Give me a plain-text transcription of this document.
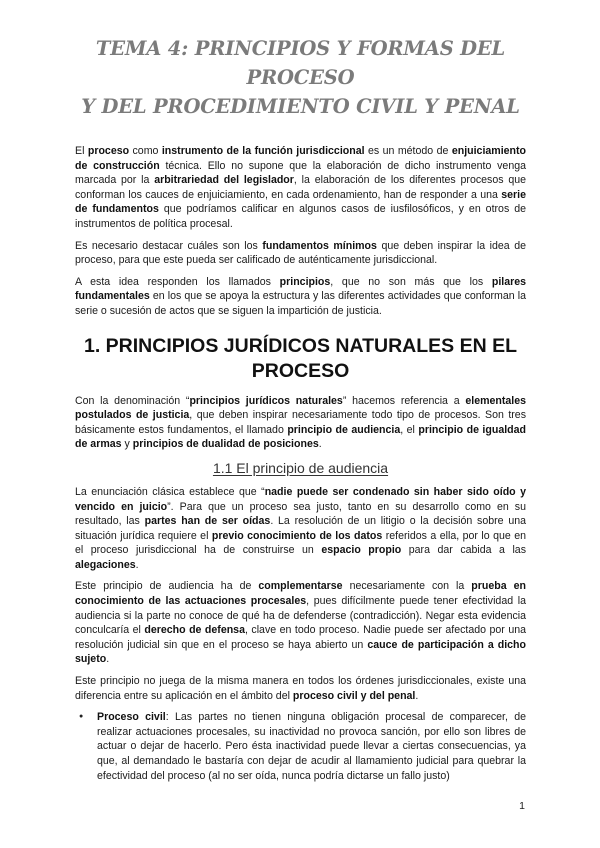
TEMA 4: PRINCIPIOS Y FORMAS DEL PROCESO
Y DEL PROCEDIMIENTO CIVIL Y PENAL

El proceso como instrumento de la función jurisdiccional es un método de enjuiciamiento de construcción técnica. Ello no supone que la elaboración de dicho instrumento venga marcada por la arbitrariedad del legislador, la elaboración de los diferentes procesos que conforman los cauces de enjuiciamiento, en cada ordenamiento, han de responder a una serie de fundamentos que podríamos calificar en algunos casos de iusfilosóficos, y en otros de instrumentos de política procesal.

Es necesario destacar cuáles son los fundamentos mínimos que deben inspirar la idea de proceso, para que este pueda ser calificado de auténticamente jurisdiccional.

A esta idea responden los llamados principios, que no son más que los pilares fundamentales en los que se apoya la estructura y las diferentes actividades que conforman la serie o sucesión de actos que se siguen la impartición de justicia.

1. PRINCIPIOS JURÍDICOS NATURALES EN EL
PROCESO

Con la denominación “principios jurídicos naturales” hacemos referencia a elementales postulados de justicia, que deben inspirar necesariamente todo tipo de procesos. Son tres básicamente estos fundamentos, el llamado principio de audiencia, el principio de igualdad de armas y principios de dualidad de posiciones.

1.1 El principio de audiencia

La enunciación clásica establece que “nadie puede ser condenado sin haber sido oído y vencido en juicio”. Para que un proceso sea justo, tanto en su desarrollo como en su resultado, las partes han de ser oídas. La resolución de un litigio o la decisión sobre una situación jurídica requiere el previo conocimiento de los datos referidos a ella, por lo que en el proceso jurisdiccional ha de construirse un espacio propio para dar cabida a las alegaciones.

Este principio de audiencia ha de complementarse necesariamente con la prueba en conocimiento de las actuaciones procesales, pues difícilmente puede tener efectividad la audiencia si la parte no conoce de qué ha de defenderse (contradicción). Negar esta evidencia conculcaría el derecho de defensa, clave en todo proceso. Nadie puede ser afectado por una resolución judicial sin que en el proceso se haya abierto un cauce de participación a dicho sujeto.

Este principio no juega de la misma manera en todos los órdenes jurisdiccionales, existe una diferencia entre su aplicación en el ámbito del proceso civil y del penal.

● Proceso civil: Las partes no tienen ninguna obligación procesal de comparecer, de realizar actuaciones procesales, su inactividad no provoca sanción, por ello son libres de actuar o dejar de hacerlo. Pero ésta inactividad puede llevar a ciertas consecuencias, ya que, al demandado le bastaría con dejar de acudir al llamamiento judicial para quebrar la efectividad del proceso (al no ser oída, nunca podría dictarse un fallo justo)
1
